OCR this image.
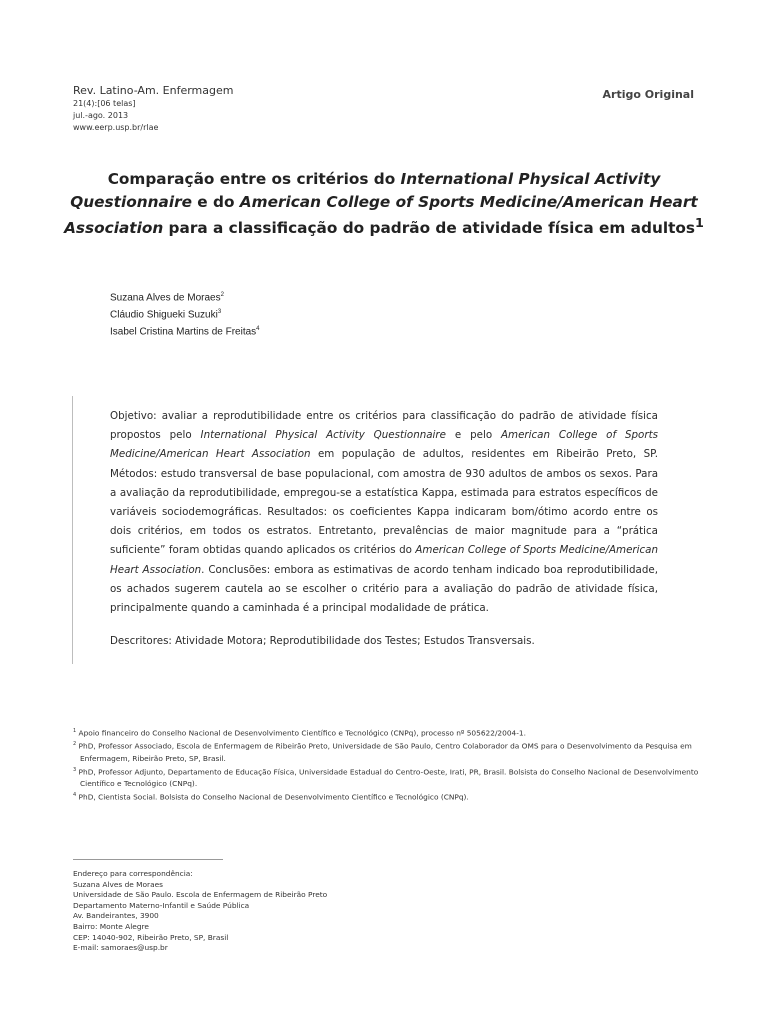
Rev. Latino-Am. Enfermagem
21(4):[06 telas]
jul.-ago. 2013
www.eerp.usp.br/rlae
Artigo Original
Comparação entre os critérios do International Physical Activity Questionnaire e do American College of Sports Medicine/American Heart Association para a classificação do padrão de atividade física em adultos$^1$
Suzana Alves de Moraes$^2$
Cláudio Shigueki Suzuki$^3$
Isabel Cristina Martins de Freitas$^4$
Objetivo: avaliar a reprodutibilidade entre os critérios para classificação do padrão de atividade física propostos pelo International Physical Activity Questionnaire e pelo American College of Sports Medicine/American Heart Association em população de adultos, residentes em Ribeirão Preto, SP. Métodos: estudo transversal de base populacional, com amostra de 930 adultos de ambos os sexos. Para a avaliação da reprodutibilidade, empregou-se a estatística Kappa, estimada para estratos específicos de variáveis sociodemográficas. Resultados: os coeficientes Kappa indicaram bom/ótimo acordo entre os dois critérios, em todos os estratos. Entretanto, prevalências de maior magnitude para a “prática suficiente” foram obtidas quando aplicados os critérios do American College of Sports Medicine/American Heart Association. Conclusões: embora as estimativas de acordo tenham indicado boa reprodutibilidade, os achados sugerem cautela ao se escolher o critério para a avaliação do padrão de atividade física, principalmente quando a caminhada é a principal modalidade de prática.
Descritores: Atividade Motora; Reprodutibilidade dos Testes; Estudos Transversais.
$^1$ Apoio financeiro do Conselho Nacional de Desenvolvimento Científico e Tecnológico (CNPq), processo nº 505622/2004-1.
$^2$ PhD, Professor Associado, Escola de Enfermagem de Ribeirão Preto, Universidade de São Paulo, Centro Colaborador da OMS para o Desenvolvimento da Pesquisa em Enfermagem, Ribeirão Preto, SP, Brasil.
$^3$ PhD, Professor Adjunto, Departamento de Educação Física, Universidade Estadual do Centro-Oeste, Irati, PR, Brasil. Bolsista do Conselho Nacional de Desenvolvimento Científico e Tecnológico (CNPq).
$^4$ PhD, Cientista Social. Bolsista do Conselho Nacional de Desenvolvimento Científico e Tecnológico (CNPq).
Endereço para correspondência:
Suzana Alves de Moraes
Universidade de São Paulo. Escola de Enfermagem de Ribeirão Preto
Departamento Materno-Infantil e Saúde Pública
Av. Bandeirantes, 3900
Bairro: Monte Alegre
CEP: 14040-902, Ribeirão Preto, SP, Brasil
E-mail: samoraes@usp.br
